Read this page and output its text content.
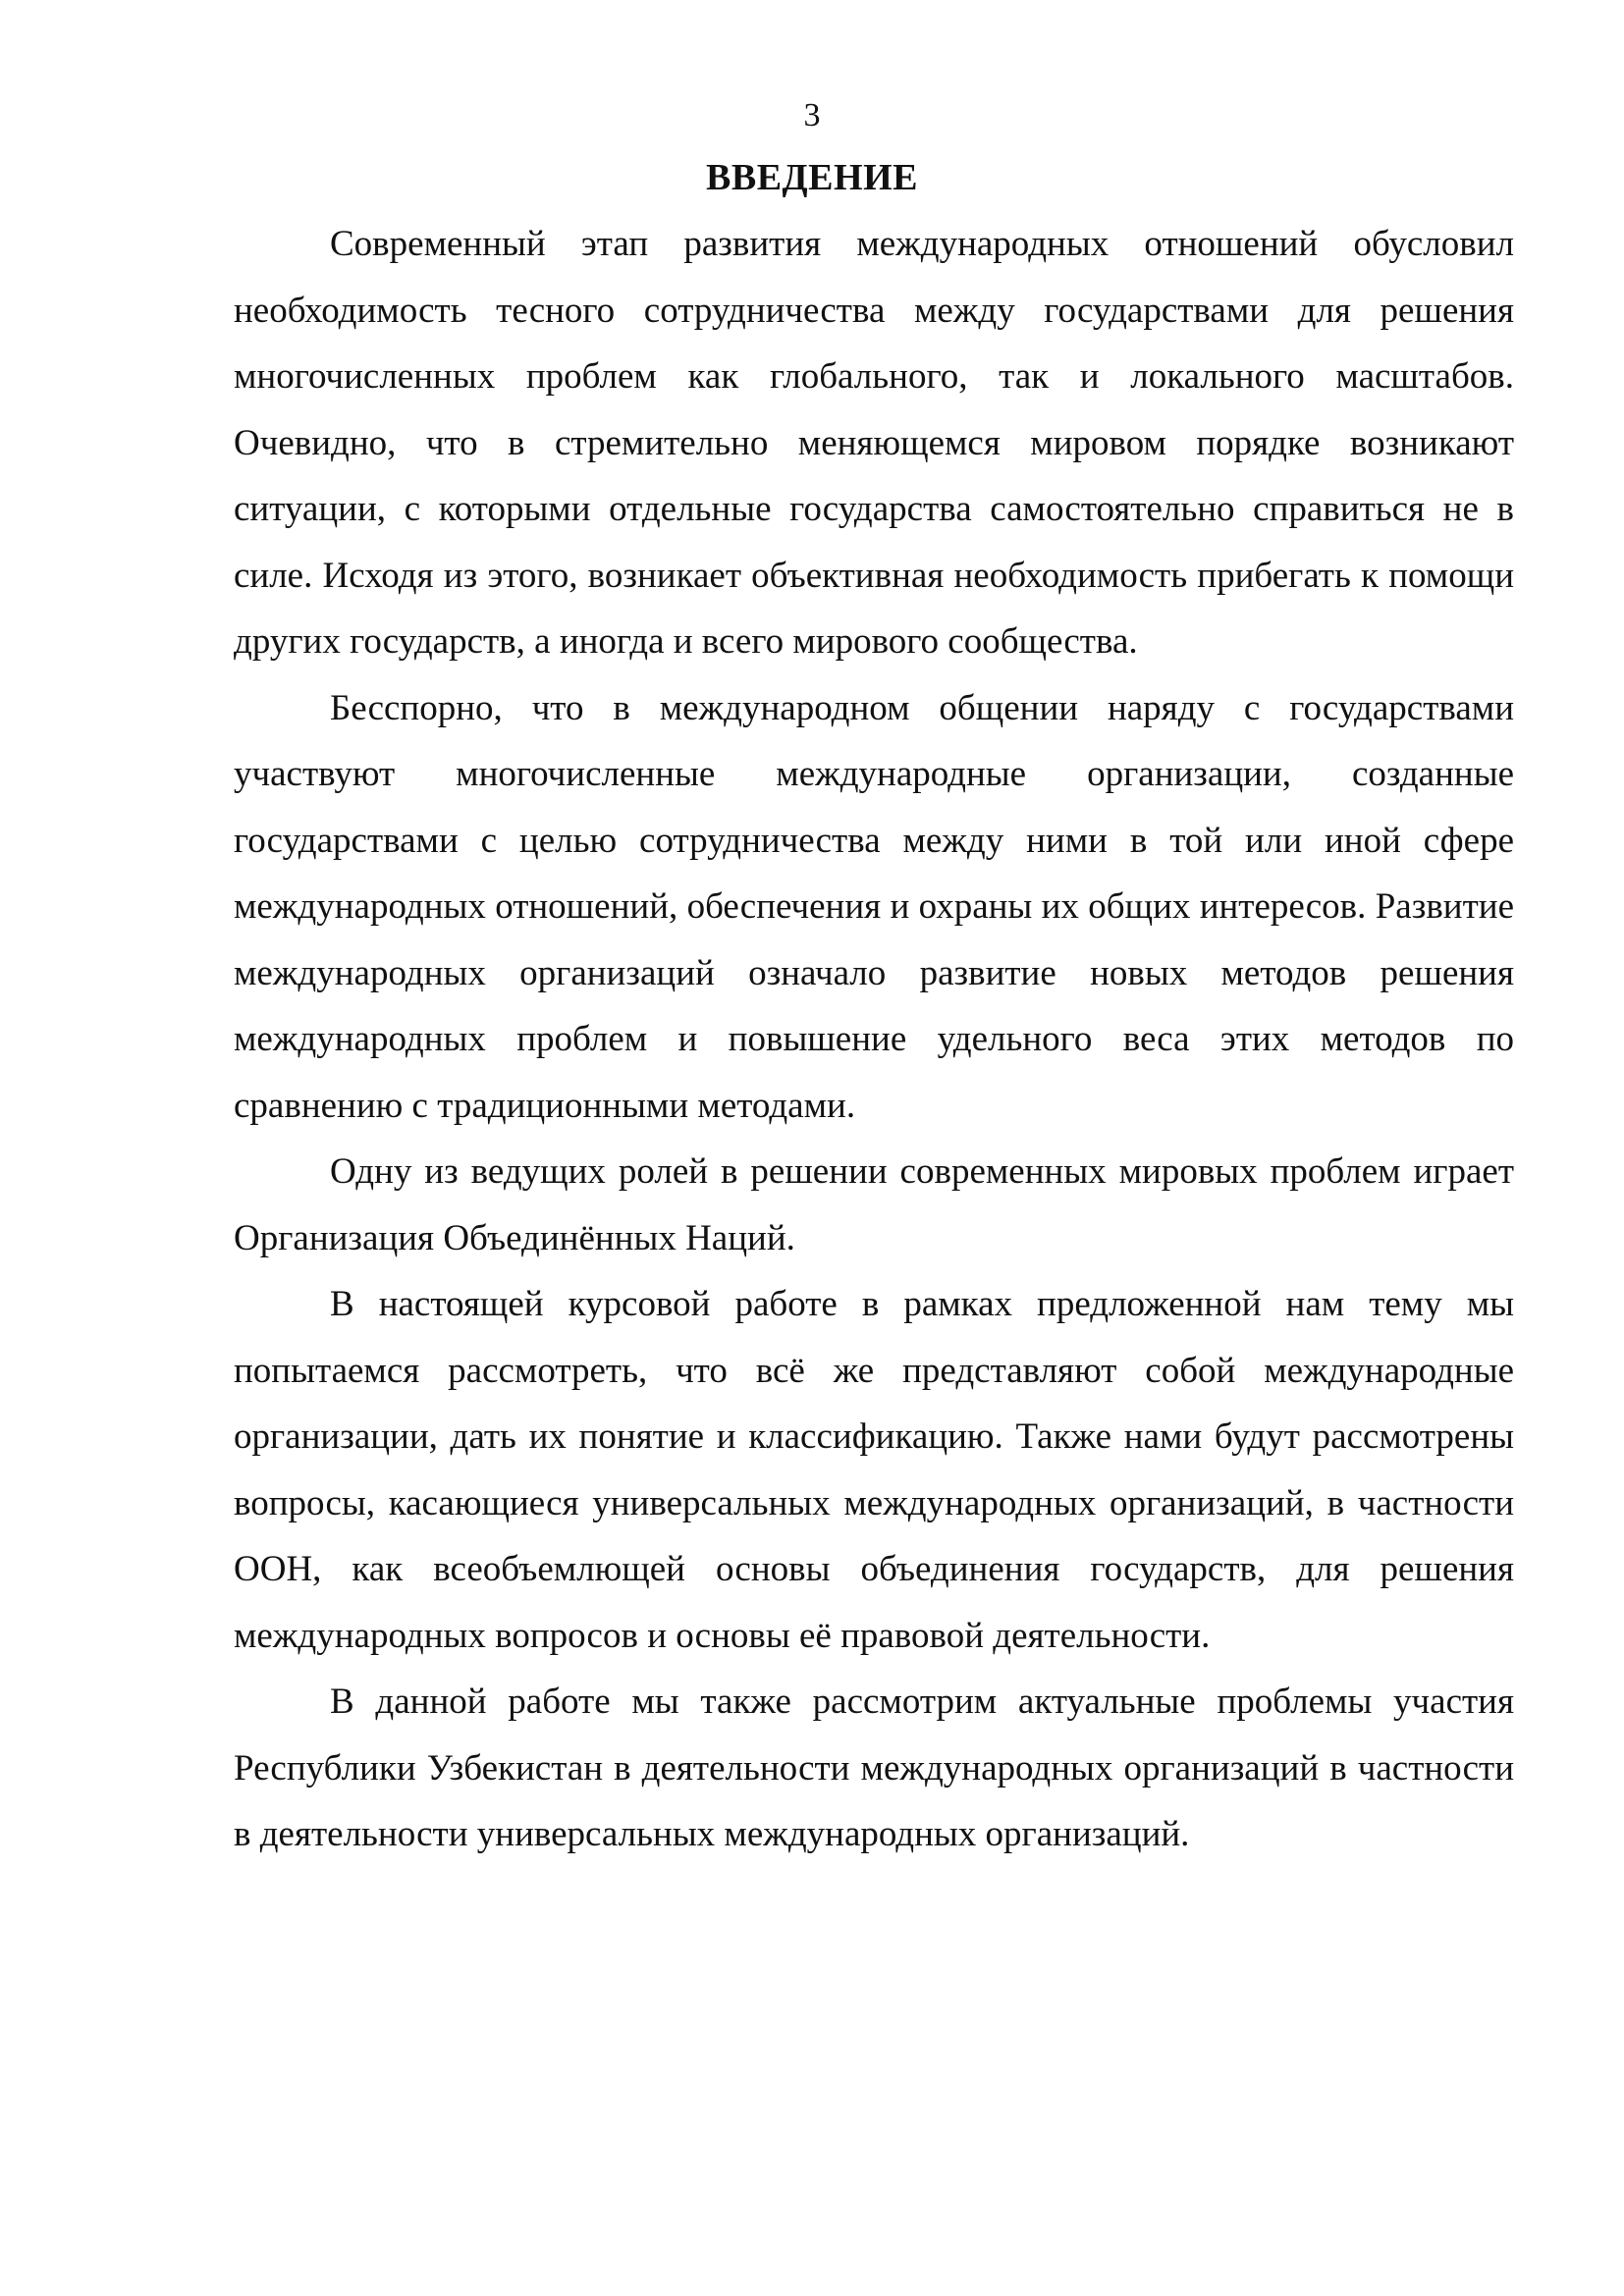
3
ВВЕДЕНИЕ

Современный этап развития международных отношений обусловил необходимость тесного сотрудничества между государствами для решения многочисленных проблем как глобального, так и локального масштабов. Очевидно, что в стремительно меняющемся мировом порядке возникают ситуации, с которыми отдельные государства самостоятельно справиться не в силе. Исходя из этого, возникает объективная необходимость прибегать к помощи других государств, а иногда и всего мирового сообщества.

Бесспорно, что в международном общении наряду с государствами участвуют многочисленные международные организации, созданные государствами с целью сотрудничества между ними в той или иной сфере международных отношений, обеспечения и охраны их общих интересов. Развитие международных организаций означало развитие новых методов решения международных проблем и повышение удельного веса этих методов по сравнению с традиционными методами.

Одну из ведущих ролей в решении современных мировых проблем играет Организация Объединённых Наций.

В настоящей курсовой работе в рамках предложенной нам тему мы попытаемся рассмотреть, что всё же представляют собой международные организации, дать их понятие и классификацию. Также нами будут рассмотрены вопросы, касающиеся универсальных международных организаций, в частности ООН, как всеобъемлющей основы объединения государств, для решения международных вопросов и основы её правовой деятельности.

В данной работе мы также рассмотрим актуальные проблемы участия Республики Узбекистан в деятельности международных организаций в частности в деятельности универсальных международных организаций.
